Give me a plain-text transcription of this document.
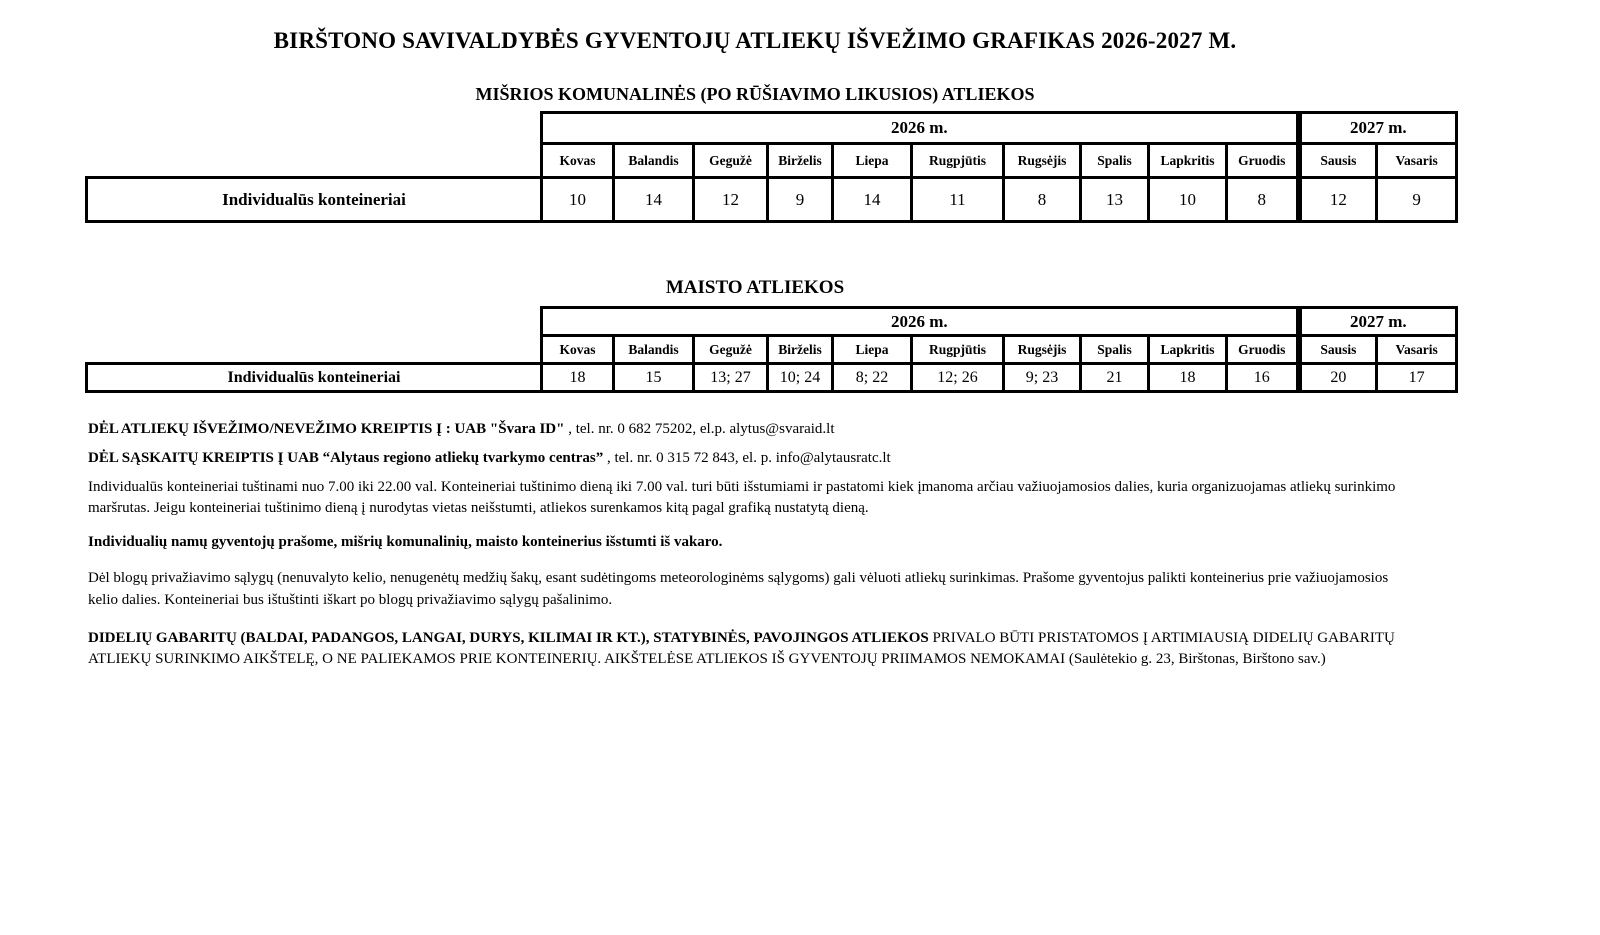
BIRŠTONO SAVIVALDYBĖS GYVENTOJŲ ATLIEKŲ IŠVEŽIMO GRAFIKAS 2026-2027 M.
MIŠRIOS KOMUNALINĖS (PO RŪŠIAVIMO LIKUSIOS) ATLIEKOS
	2026 m.										2027 m.	
	Kovas	Balandis	Gegužė	Birželis	Liepa	Rugpjūtis	Rugsėjis	Spalis	Lapkritis	Gruodis	Sausis	Vasaris
Individualūs konteineriai	10	14	12	9	14	11	8	13	10	8	12	9
MAISTO ATLIEKOS
	2026 m.										2027 m.	
	Kovas	Balandis	Gegužė	Birželis	Liepa	Rugpjūtis	Rugsėjis	Spalis	Lapkritis	Gruodis	Sausis	Vasaris
Individualūs konteineriai	18	15	13; 27	10; 24	8; 22	12; 26	9; 23	21	18	16	20	17

DĖL ATLIEKŲ IŠVEŽIMO/NEVEŽIMO KREIPTIS Į : UAB "Švara ID" , tel. nr. 0 682 75202, el.p. alytus@svaraid.lt

DĖL SĄSKAITŲ KREIPTIS Į UAB “Alytaus regiono atliekų tvarkymo centras” , tel. nr. 0 315 72 843, el. p. info@alytausratc.lt

Individualūs konteineriai tuštinami nuo 7.00 iki 22.00 val. Konteineriai tuštinimo dieną iki 7.00 val. turi būti išstumiami ir pastatomi kiek įmanoma arčiau važiuojamosios dalies, kuria organizuojamas atliekų surinkimo maršrutas. Jeigu konteineriai tuštinimo dieną į nurodytas vietas neišstumti, atliekos surenkamos kitą pagal grafiką nustatytą dieną.

Individualių namų gyventojų prašome, mišrių komunalinių, maisto konteinerius išstumti iš vakaro.

Dėl blogų privažiavimo sąlygų (nenuvalyto kelio, nenugenėtų medžių šakų, esant sudėtingoms meteorologinėms sąlygoms) gali vėluoti atliekų surinkimas. Prašome gyventojus palikti konteinerius prie važiuojamosios kelio dalies. Konteineriai bus ištuštinti iškart po blogų privažiavimo sąlygų pašalinimo.

DIDELIŲ GABARITŲ (BALDAI, PADANGOS, LANGAI, DURYS, KILIMAI IR KT.), STATYBINĖS, PAVOJINGOS ATLIEKOS PRIVALO BŪTI PRISTATOMOS Į ARTIMIAUSIĄ DIDELIŲ GABARITŲ ATLIEKŲ SURINKIMO AIKŠTELĘ, O NE PALIEKAMOS PRIE KONTEINERIŲ. AIKŠTELĖSE ATLIEKOS IŠ GYVENTOJŲ PRIIMAMOS NEMOKAMAI (Saulėtekio g. 23, Birštonas, Birštono sav.)
